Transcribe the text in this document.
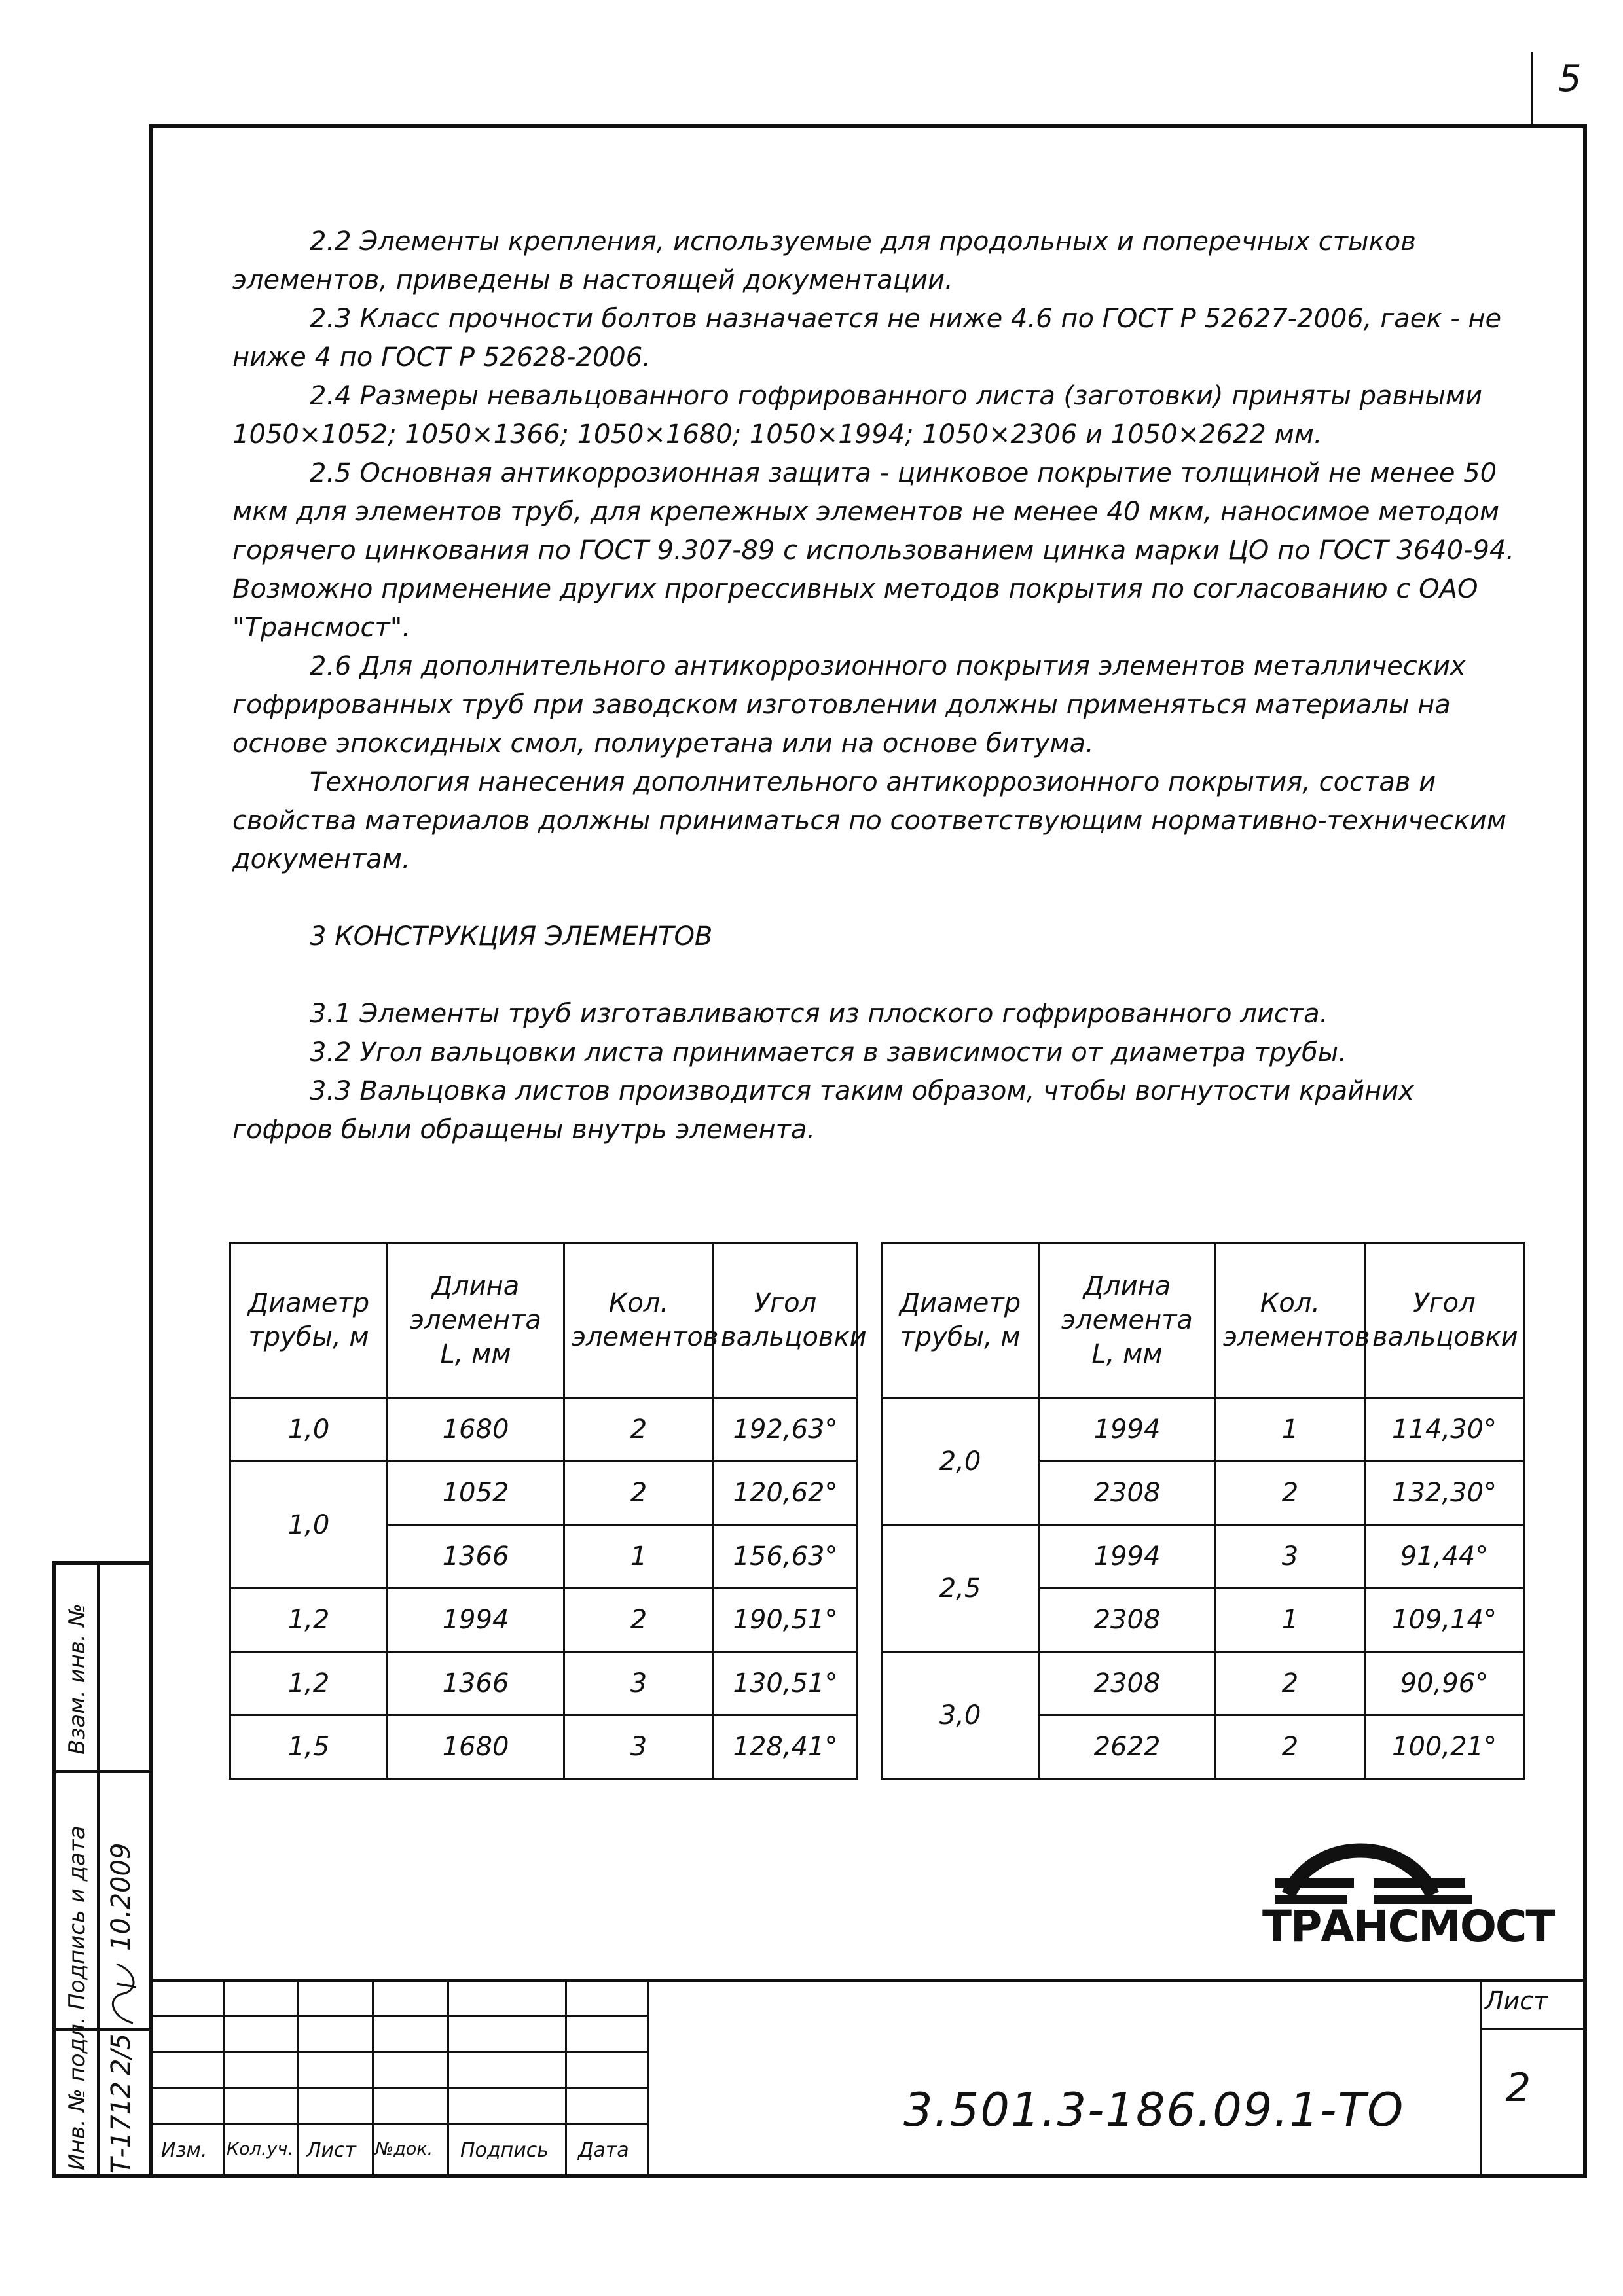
5

2.2 Элементы крепления, используемые для продольных и поперечных стыков элементов, приведены в настоящей документации.

2.3 Класс прочности болтов назначается не ниже 4.6 по ГОСТ Р 52627-2006, гаек - не ниже 4 по ГОСТ Р 52628-2006.

2.4 Размеры невальцованного гофрированного листа (заготовки) приняты равными 1050×1052; 1050×1366; 1050×1680; 1050×1994; 1050×2306 и 1050×2622 мм.

2.5 Основная антикоррозионная защита - цинковое покрытие толщиной не менее 50 мкм для элементов труб, для крепежных элементов не менее 40 мкм, наносимое методом горячего цинкования по ГОСТ 9.307-89 с использованием цинка марки ЦО по ГОСТ 3640-94. Возможно применение других прогрессивных методов покрытия по согласованию с ОАО "Трансмост".

2.6 Для дополнительного антикоррозионного покрытия элементов металлических гофрированных труб при заводском изготовлении должны применяться материалы на основе эпоксидных смол, полиуретана или на основе битума.

Технология нанесения дополнительного антикоррозионного покрытия, состав и свойства материалов должны приниматься по соответствующим нормативно-техническим документам.

3 КОНСТРУКЦИЯ ЭЛЕМЕНТОВ

3.1 Элементы труб изготавливаются из плоского гофрированного листа.

3.2 Угол вальцовки листа принимается в зависимости от диаметра трубы.

3.3 Вальцовка листов производится таким образом, чтобы вогнутости крайних гофров были обращены внутрь элемента.

Диаметр трубы, м	Длина элемента L, мм	Кол. элементов	Угол вальцовки
1,0	1680	2	192,63°
1,0	1052	2	120,62°
	1366	1	156,63°
1,2	1994	2	190,51°
1,2	1366	3	130,51°
1,5	1680	3	128,41°
Диаметр трубы, м	Длина элемента L, мм	Кол. элементов	Угол вальцовки
2,0	1994	1	114,30°
	2308	2	132,30°
2,5	1994	3	91,44°
	2308	1	109,14°
3,0	2308	2	90,96°
	2622	2	100,21°
Взам. инв. №
Подпись и дата
Инв. № подл. Т-1712
2/5
10.2009
Изм. Кол.уч. Лист №док. Подпись Дата
3.501.3-186.09.1-ТО
Лист
2
ТРАНСМОСТ
